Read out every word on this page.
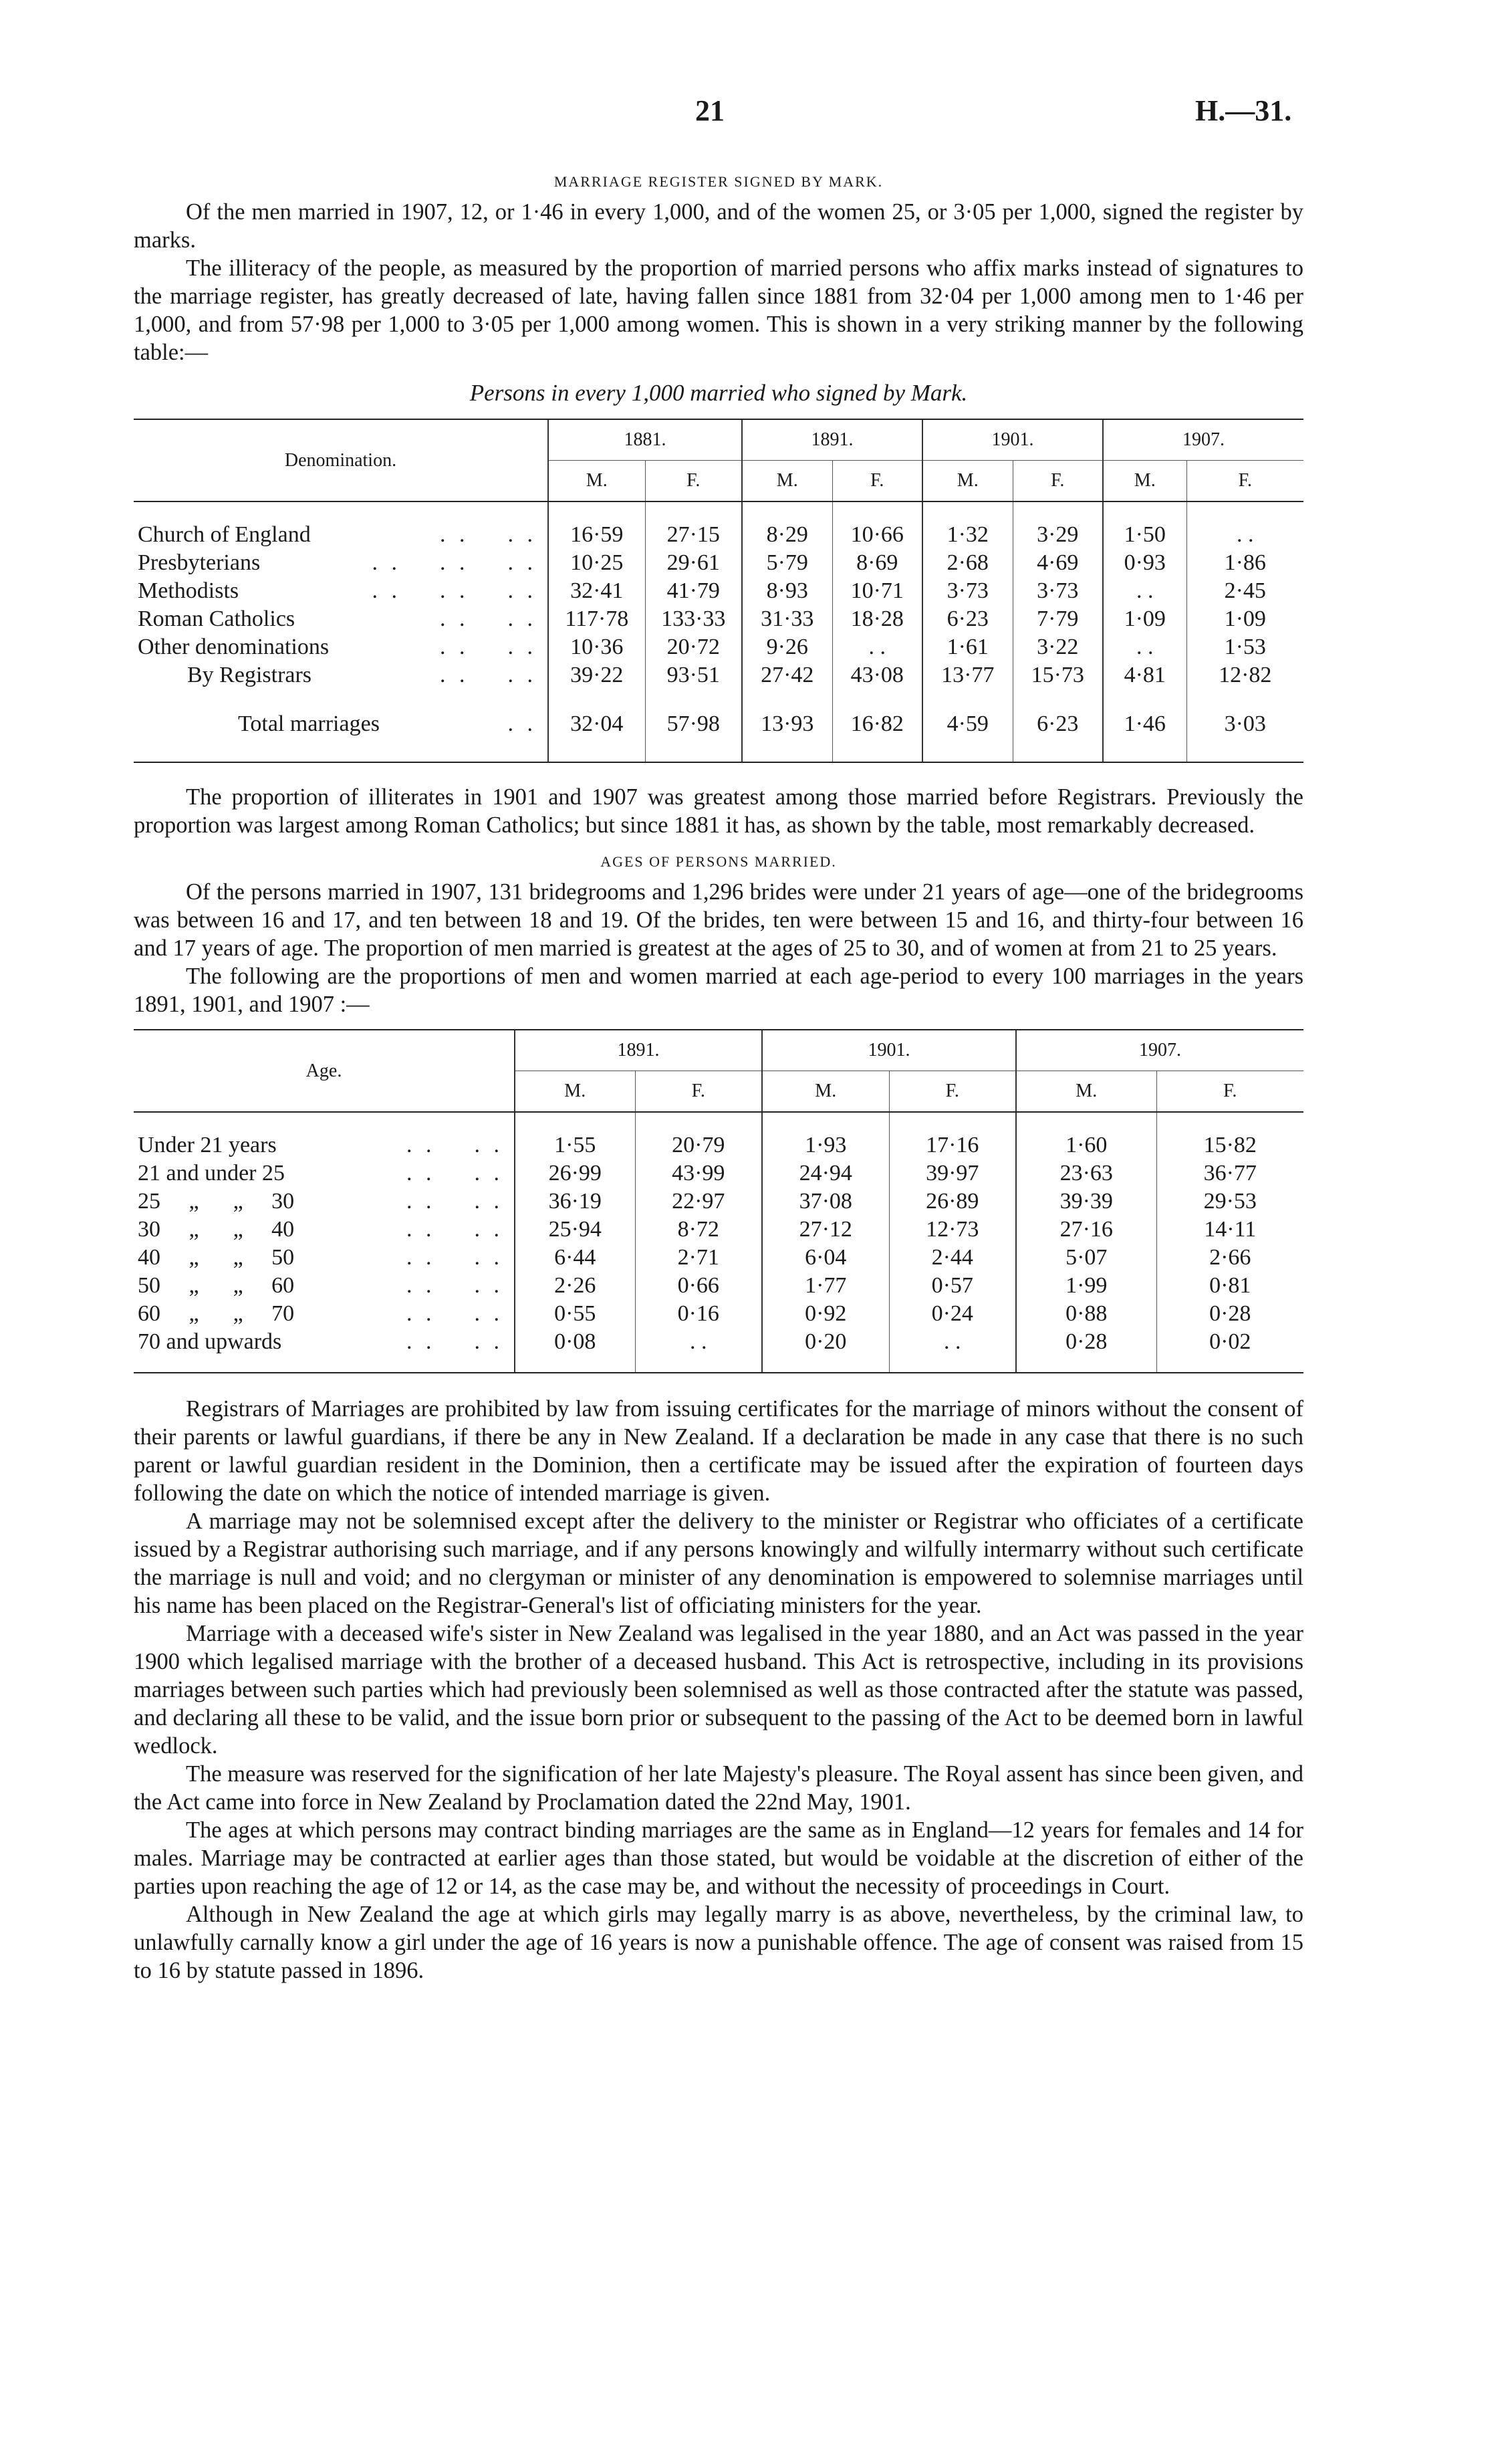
21	H.—31.
MARRIAGE REGISTER SIGNED BY MARK.

Of the men married in 1907, 12, or 1·46 in every 1,000, and of the women 25, or 3·05 per 1,000, signed the register by marks.

The illiteracy of the people, as measured by the proportion of married persons who affix marks instead of signatures to the marriage register, has greatly decreased of late, having fallen since 1881 from 32·04 per 1,000 among men to 1·46 per 1,000, and from 57·98 per 1,000 to 3·05 per 1,000 among women. This is shown in a very striking manner by the following table:—

Persons in every 1,000 married who signed by Mark.
Denomination.	1881.		1891.		1901.		1907.	
	M.	F.	M.	F.	M.	F.	M.	F.

Church of England . .    . .	16·59	27·15	8·29	10·66	1·32	3·29	1·50	. .
Presbyterians . .    . .    . .	10·25	29·61	5·79	8·69	2·68	4·69	0·93	1·86
Methodists . .    . .    . .	32·41	41·79	8·93	10·71	3·73	3·73	. .	2·45
Roman Catholics . .    . .	117·78	133·33	31·33	18·28	6·23	7·79	1·09	1·09
Other denominations . .    . .	10·36	20·72	9·26	. .	1·61	3·22	. .	1·53
By Registrars . .    . .	39·22	93·51	27·42	43·08	13·77	15·73	4·81	12·82

Total marriages . .	32·04	57·98	13·93	16·82	4·59	6·23	1·46	3·03

The proportion of illiterates in 1901 and 1907 was greatest among those married before Registrars. Previously the proportion was largest among Roman Catholics; but since 1881 it has, as shown by the table, most remarkably decreased.

AGES OF PERSONS MARRIED.

Of the persons married in 1907, 131 bridegrooms and 1,296 brides were under 21 years of age—one of the bridegrooms was between 16 and 17, and ten between 18 and 19. Of the brides, ten were between 15 and 16, and thirty-four between 16 and 17 years of age. The proportion of men married is greatest at the ages of 25 to 30, and of women at from 21 to 25 years.

The following are the proportions of men and women married at each age-period to every 100 marriages in the years 1891, 1901, and 1907 :—

Age.	1891.		1901.		1907.	
	M.	F.	M.	F.	M.	F.

Under 21 years . .    . .	1·55	20·79	1·93	17·16	1·60	15·82
21 and under 25 . .    . .	26·99	43·99	24·94	39·97	23·63	36·77
25     „      „     30 . .    . .	36·19	22·97	37·08	26·89	39·39	29·53
30     „      „     40 . .    . .	25·94	8·72	27·12	12·73	27·16	14·11
40     „      „     50 . .    . .	6·44	2·71	6·04	2·44	5·07	2·66
50     „      „     60 . .    . .	2·26	0·66	1·77	0·57	1·99	0·81
60     „      „     70 . .    . .	0·55	0·16	0·92	0·24	0·88	0·28
70 and upwards . .    . .	0·08	. .	0·20	. .	0·28	0·02

Registrars of Marriages are prohibited by law from issuing certificates for the marriage of minors without the consent of their parents or lawful guardians, if there be any in New Zealand. If a declaration be made in any case that there is no such parent or lawful guardian resident in the Dominion, then a certificate may be issued after the expiration of fourteen days following the date on which the notice of intended marriage is given.

A marriage may not be solemnised except after the delivery to the minister or Registrar who officiates of a certificate issued by a Registrar authorising such marriage, and if any persons knowingly and wilfully intermarry without such certificate the marriage is null and void; and no clergyman or minister of any denomination is empowered to solemnise marriages until his name has been placed on the Registrar-General's list of officiating ministers for the year.

Marriage with a deceased wife's sister in New Zealand was legalised in the year 1880, and an Act was passed in the year 1900 which legalised marriage with the brother of a deceased husband. This Act is retrospective, including in its provisions marriages between such parties which had previously been solemnised as well as those contracted after the statute was passed, and declaring all these to be valid, and the issue born prior or subsequent to the passing of the Act to be deemed born in lawful wedlock.

The measure was reserved for the signification of her late Majesty's pleasure. The Royal assent has since been given, and the Act came into force in New Zealand by Proclamation dated the 22nd May, 1901.

The ages at which persons may contract binding marriages are the same as in England—12 years for females and 14 for males. Marriage may be contracted at earlier ages than those stated, but would be voidable at the discretion of either of the parties upon reaching the age of 12 or 14, as the case may be, and without the necessity of proceedings in Court.

Although in New Zealand the age at which girls may legally marry is as above, nevertheless, by the criminal law, to unlawfully carnally know a girl under the age of 16 years is now a punishable offence. The age of consent was raised from 15 to 16 by statute passed in 1896.
